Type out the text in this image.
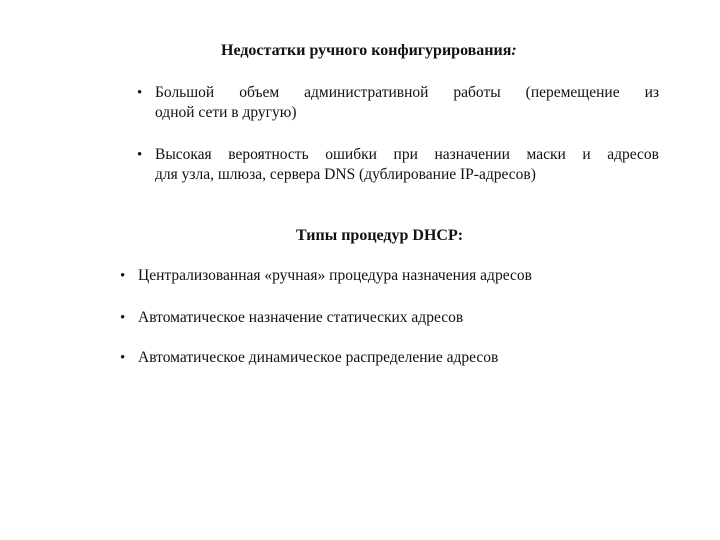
Недостатки ручного конфигурирования:
• Большой объем административной работы (перемещение из
одной сети в другую)
• Высокая вероятность ошибки при назначении маски и адресов
для узла, шлюза, сервера DNS (дублирование IP-адресов)
Типы процедур DHCP:
• Централизованная «ручная» процедура назначения адресов
• Автоматическое назначение статических адресов
• Автоматическое динамическое распределение адресов
